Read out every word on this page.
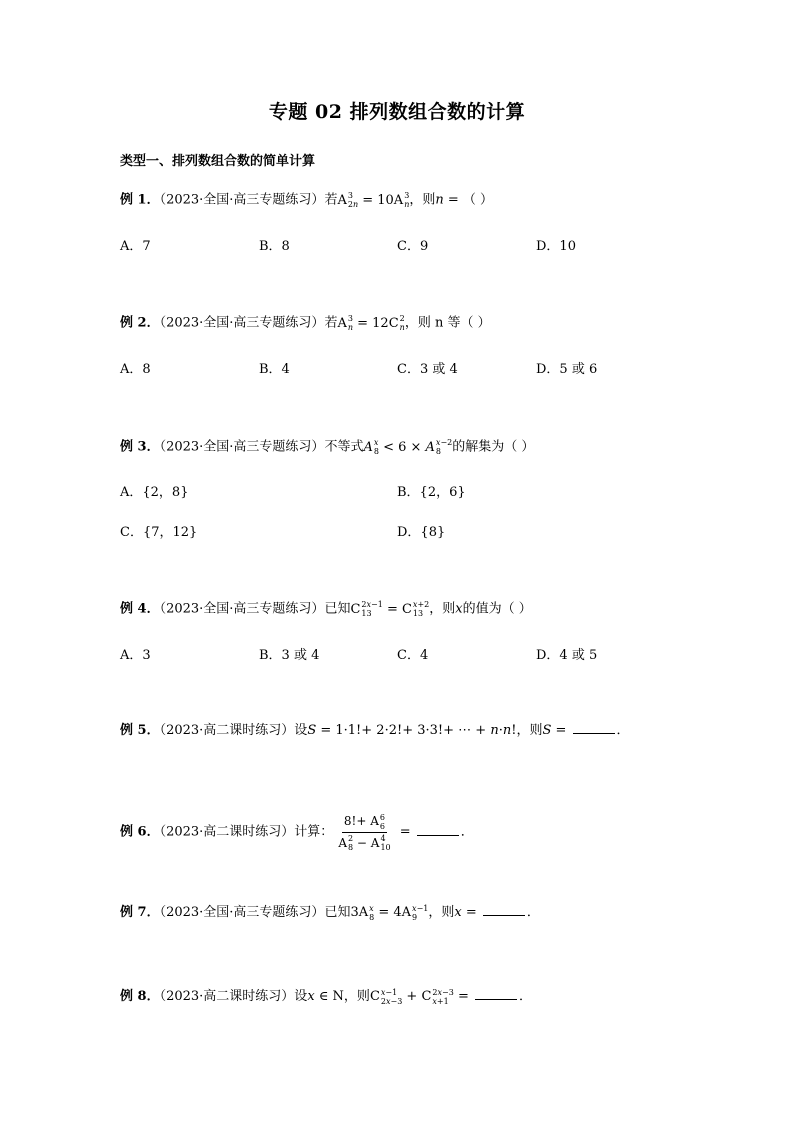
专题 02 排列数组合数的计算
类型一、排列数组合数的简单计算
例 1．（2023·全国·高三专题练习）若A 3
2n = 10A 3
n ，则n = （ ）
A．7	B．8	C．9	D．10
例 2．（2023·全国·高三专题练习）若A 3
n = 12C 2
n ，则 n 等（ ）
A．8	B．4	C．3 或 4	D．5 或 6
例 3．（2023·全国·高三专题练习）不等式A x
8 < 6 × A x−2
8 的解集为（ ）
A．{2，8}	B．{2，6}
C．{7，12}	D．{8}
例 4．（2023·全国·高三专题练习）已知C 2x−1
13 = C x+2
13 ，则x的值为（ ）
A．3	B．3 或 4	C．4	D．4 或 5
例 5．（2023·高二课时练习）设S = 1·1!+ 2·2!+ 3·3!+ ⋯ + n·n!，则S =	．
例 6．（2023·高二课时练习）计算： 8!+ A 6
6
A 2
8 − A 4
10 =	．
例 7．（2023·全国·高三专题练习）已知3A x
8 = 4A x−1
9 ，则x =	．
例 8．（2023·高二课时练习）设x ∈ N，则C x−1
2x−3 + C 2x−3
x+1 =	．
